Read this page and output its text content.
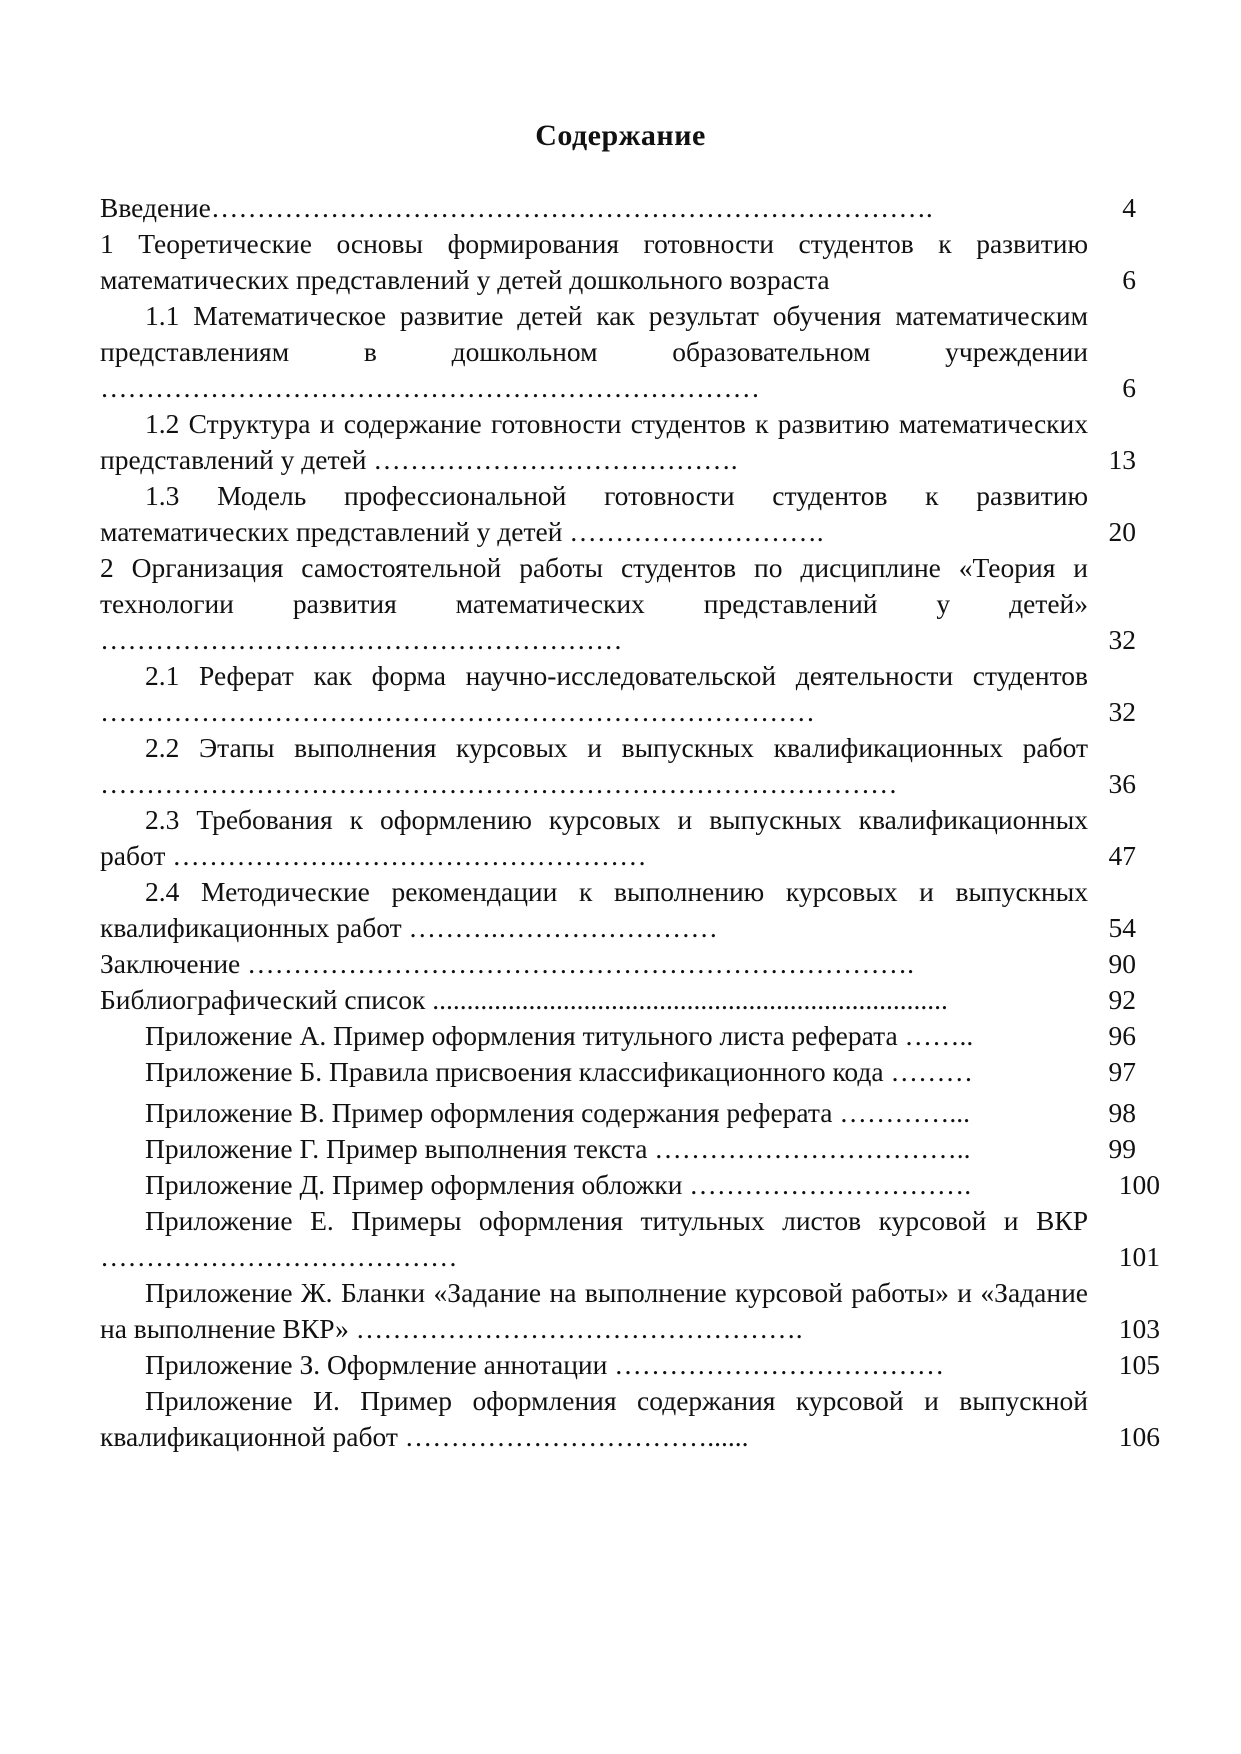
Содержание
Введение…………………………………………………………………….	4
1 Теоретические основы формирования готовности студентов к развитию математических представлений у детей дошкольного возраста	6
1.1 Математическое развитие детей как результат обучения математическим представлениям в дошкольном образовательном учреждении ………………………………………………………………	6
1.2 Структура и содержание готовности студентов к развитию математических представлений у детей ………………………………….	13
1.3 Модель профессиональной готовности студентов к развитию математических представлений у детей ……………………….	20
2 Организация самостоятельной работы студентов по дисциплине «Теория и технологии развития математических представлений у детей» …………………………………………………	32
2.1 Реферат как форма научно-исследовательской деятельности студентов ……………………………………………………………………	32
2.2 Этапы выполнения курсовых и выпускных квалификационных работ ……………………………………………………………………………	36
2.3 Требования к оформлению курсовых и выпускных квалификационных работ ……………….……………………………	47
2.4 Методические рекомендации к выполнению курсовых и выпускных квалификационных работ ……….……………………	54
Заключение ……………………………………………………………….	90
Библиографический список ...........................................................................	92
Приложение А. Пример оформления титульного листа реферата ……..	96
Приложение Б. Правила присвоения классификационного кода ………	97
Приложение В. Пример оформления содержания реферата …………...	98
Приложение Г. Пример выполнения текста ……………………………..	99
Приложение Д. Пример оформления обложки ………………………….	100
Приложение Е. Примеры оформления титульных листов курсовой и ВКР …………………………………	101
Приложение Ж. Бланки «Задание на выполнение курсовой работы» и «Задание на выполнение ВКР» ………………………………………….	103
Приложение З. Оформление аннотации ………………………………	105
Приложение И. Пример оформления содержания курсовой и выпускной квалификационной работ ……………………………......	106
